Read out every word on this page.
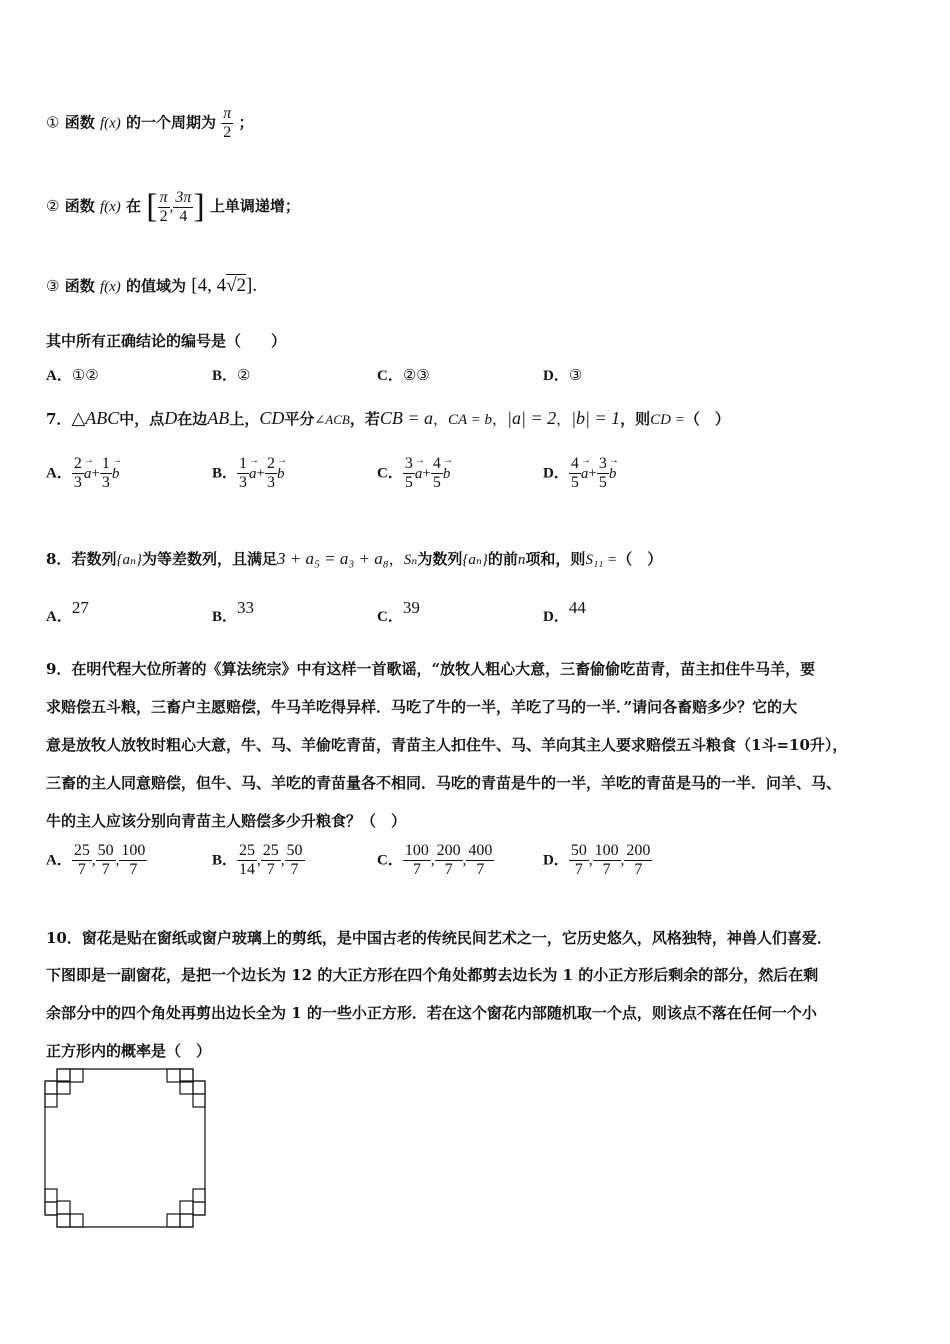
① 函数 f(x) 的一个周期为 $\frac{\pi}{2}$ ；
② 函数 f(x) 在 [ $\frac{\pi}{2}$ , $\frac{3\pi}{4}$ ] 上单调递增；
③ 函数 f(x) 的值域为 [4, 4√2].
其中所有正确结论的编号是（　　）
A．①②	B．②	C．②③	D．③
7．△ABC中，点D在边AB上，CD平分∠ACB，若CB = a，CA = b，|a| = 2，|b| = 1，则CD =（　）
A． $\frac{2}{3}$
→ $a+ \frac{1}{3}$
→ b	B． $\frac{1}{3}$
→ $a+ \frac{2}{3}$
→ b	C． $\frac{3}{5}$
→ $a+ \frac{4}{5}$
→ b	D． $\frac{4}{5}$
→ $a+ \frac{3}{5}$
→ b
8．若数列{aₙ}为等差数列，且满足3 + a₅ = a₃ + a₈，Sₙ为数列{aₙ}的前n项和，则S₁₁ =（　）
A．27	B．33	C．39	D．44
9．在明代程大位所著的《算法统宗》中有这样一首歌谣，“放牧人粗心大意，三畜偷偷吃苗青，苗主扣住牛马羊，要
求赔偿五斗粮，三畜户主愿赔偿，牛马羊吃得异样．马吃了牛的一半，羊吃了马的一半．”请问各畜赔多少？它的大
意是放牧人放牧时粗心大意，牛、马、羊偷吃青苗，青苗主人扣住牛、马、羊向其主人要求赔偿五斗粮食（1斗=10升），
三畜的主人同意赔偿，但牛、马、羊吃的青苗量各不相同．马吃的青苗是牛的一半，羊吃的青苗是马的一半．问羊、马、
牛的主人应该分别向青苗主人赔偿多少升粮食？（　）
A． $\frac{25}{7}$ , $\frac{50}{7}$ , $\frac{100}{7}$	B． $\frac{25}{14}$ , $\frac{25}{7}$ , $\frac{50}{7}$	C． $\frac{100}{7}$ , $\frac{200}{7}$ , $\frac{400}{7}$	D． $\frac{50}{7}$ , $\frac{100}{7}$ , $\frac{200}{7}$
10．窗花是贴在窗纸或窗户玻璃上的剪纸，是中国古老的传统民间艺术之一，它历史悠久，风格独特，神兽人们喜爱．
下图即是一副窗花，是把一个边长为 12 的大正方形在四个角处都剪去边长为 1 的小正方形后剩余的部分，然后在剩
余部分中的四个角处再剪出边长全为 1 的一些小正方形．若在这个窗花内部随机取一个点，则该点不落在任何一个小
正方形内的概率是（　）
